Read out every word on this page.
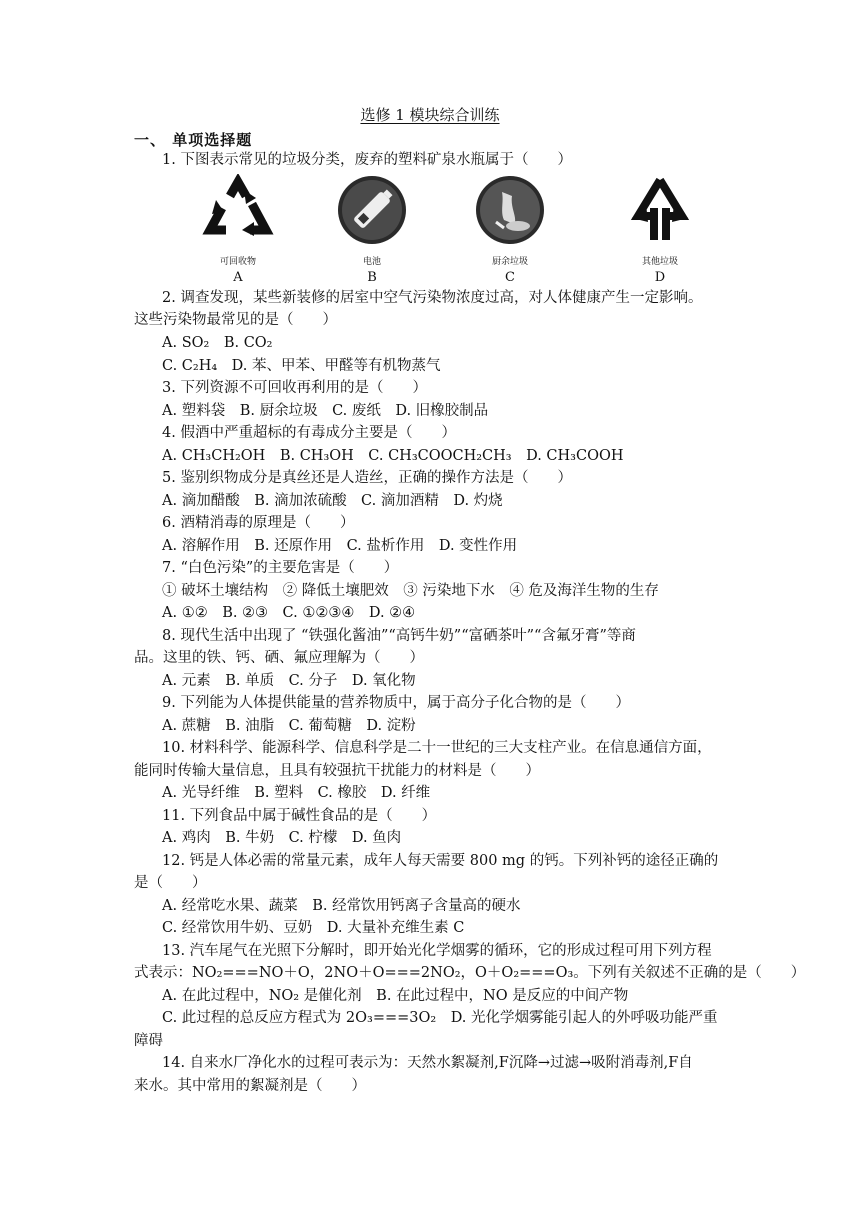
选修 1 模块综合训练
一、 单项选择题
1. 下图表示常见的垃圾分类，废弃的塑料矿泉水瓶属于（　　）
可回收物
A
电池
B
厨余垃圾
C
其他垃圾
D
2. 调查发现，某些新装修的居室中空气污染物浓度过高，对人体健康产生一定影响。
这些污染物最常见的是（　　）
A. SO₂　B. CO₂
C. C₂H₄　D. 苯、甲苯、甲醛等有机物蒸气
3. 下列资源不可回收再利用的是（　　）
A. 塑料袋　B. 厨余垃圾　C. 废纸　D. 旧橡胶制品
4. 假酒中严重超标的有毒成分主要是（　　）
A. CH₃CH₂OH　B. CH₃OH　C. CH₃COOCH₂CH₃　D. CH₃COOH
5. 鉴别织物成分是真丝还是人造丝，正确的操作方法是（　　）
A. 滴加醋酸　B. 滴加浓硫酸　C. 滴加酒精　D. 灼烧
6. 酒精消毒的原理是（　　）
A. 溶解作用　B. 还原作用　C. 盐析作用　D. 变性作用
7. “白色污染”的主要危害是（　　）
① 破坏土壤结构　② 降低土壤肥效　③ 污染地下水　④ 危及海洋生物的生存
A. ①②　B. ②③　C. ①②③④　D. ②④
8. 现代生活中出现了 “铁强化酱油”“高钙牛奶”“富硒茶叶”“含氟牙膏”等商
品。这里的铁、钙、硒、氟应理解为（　　）
A. 元素　B. 单质　C. 分子　D. 氧化物
9. 下列能为人体提供能量的营养物质中，属于高分子化合物的是（　　）
A. 蔗糖　B. 油脂　C. 葡萄糖　D. 淀粉
10. 材料科学、能源科学、信息科学是二十一世纪的三大支柱产业。在信息通信方面，
能同时传输大量信息，且具有较强抗干扰能力的材料是（　　）
A. 光导纤维　B. 塑料　C. 橡胶　D. 纤维
11. 下列食品中属于碱性食品的是（　　）
A. 鸡肉　B. 牛奶　C. 柠檬　D. 鱼肉
12. 钙是人体必需的常量元素，成年人每天需要 800 mg 的钙。下列补钙的途径正确的
是（　　）
A. 经常吃水果、蔬菜　B. 经常饮用钙离子含量高的硬水
C. 经常饮用牛奶、豆奶　D. 大量补充维生素 C
13. 汽车尾气在光照下分解时，即开始光化学烟雾的循环，它的形成过程可用下列方程
式表示：NO₂===NO＋O，2NO＋O===2NO₂，O＋O₂===O₃。下列有关叙述不正确的是（　　）
A. 在此过程中，NO₂ 是催化剂　B. 在此过程中，NO 是反应的中间产物
C. 此过程的总反应方程式为 2O₃===3O₂　D. 光化学烟雾能引起人的外呼吸功能严重
障碍
14. 自来水厂净化水的过程可表示为：天然水絮凝剂,F沉降→过滤→吸附消毒剂,F自
来水。其中常用的絮凝剂是（　　）
